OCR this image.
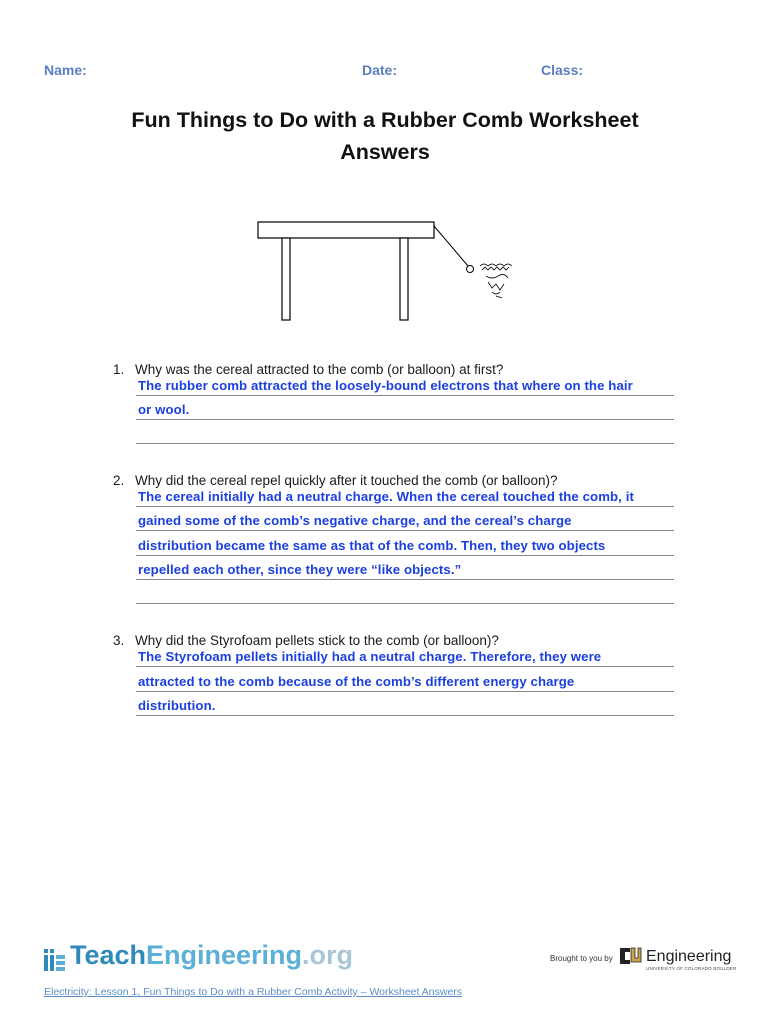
Name:	Date:	Class:
Fun Things to Do with a Rubber Comb Worksheet
Answers
1. Why was the cereal attracted to the comb (or balloon) at first?
The rubber comb attracted the loosely-bound electrons that where on the hair
or wool.
2. Why did the cereal repel quickly after it touched the comb (or balloon)?
The cereal initially had a neutral charge. When the cereal touched the comb, it
gained some of the comb’s negative charge, and the cereal’s charge
distribution became the same as that of the comb. Then, they two objects
repelled each other, since they were “like objects.”
3. Why did the Styrofoam pellets stick to the comb (or balloon)?
The Styrofoam pellets initially had a neutral charge. Therefore, they were
attracted to the comb because of the comb’s different energy charge
distribution.
TeachEngineering.org	Brought to you by Engineering
UNIVERSITY OF COLORADO BOULDER
Electricity: Lesson 1, Fun Things to Do with a Rubber Comb Activity – Worksheet Answers
